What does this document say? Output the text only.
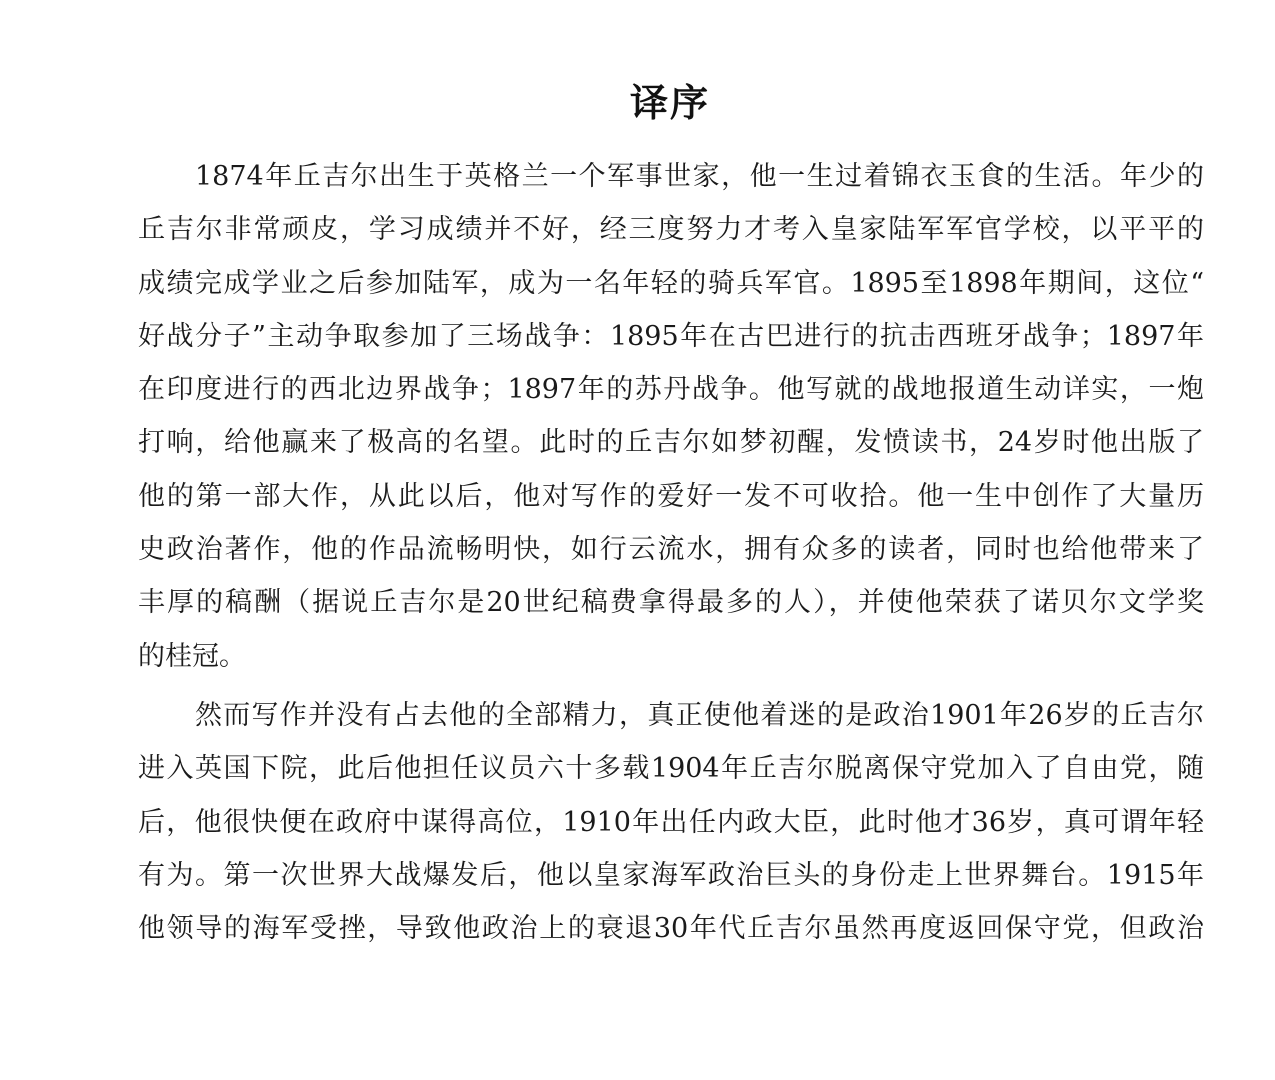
译序
1874年丘吉尔出生于英格兰一个军事世家，他一生过着锦衣玉食的生活。年少的
丘吉尔非常顽皮，学习成绩并不好，经三度努力才考入皇家陆军军官学校，以平平的
成绩完成学业之后参加陆军，成为一名年轻的骑兵军官。1895至1898年期间，这位“
好战分子”主动争取参加了三场战争：1895年在古巴进行的抗击西班牙战争；1897年
在印度进行的西北边界战争；1897年的苏丹战争。他写就的战地报道生动详实，一炮
打响，给他赢来了极高的名望。此时的丘吉尔如梦初醒，发愤读书，24岁时他出版了
他的第一部大作，从此以后，他对写作的爱好一发不可收拾。他一生中创作了大量历
史政治著作，他的作品流畅明快，如行云流水，拥有众多的读者，同时也给他带来了
丰厚的稿酬（据说丘吉尔是20世纪稿费拿得最多的人），并使他荣获了诺贝尔文学奖
的桂冠。
然而写作并没有占去他的全部精力，真正使他着迷的是政治1901年26岁的丘吉尔
进入英国下院，此后他担任议员六十多载1904年丘吉尔脱离保守党加入了自由党，随
后，他很快便在政府中谋得高位，1910年出任内政大臣，此时他才36岁，真可谓年轻
有为。第一次世界大战爆发后，他以皇家海军政治巨头的身份走上世界舞台。1915年
他领导的海军受挫，导致他政治上的衰退30年代丘吉尔虽然再度返回保守党，但政治
